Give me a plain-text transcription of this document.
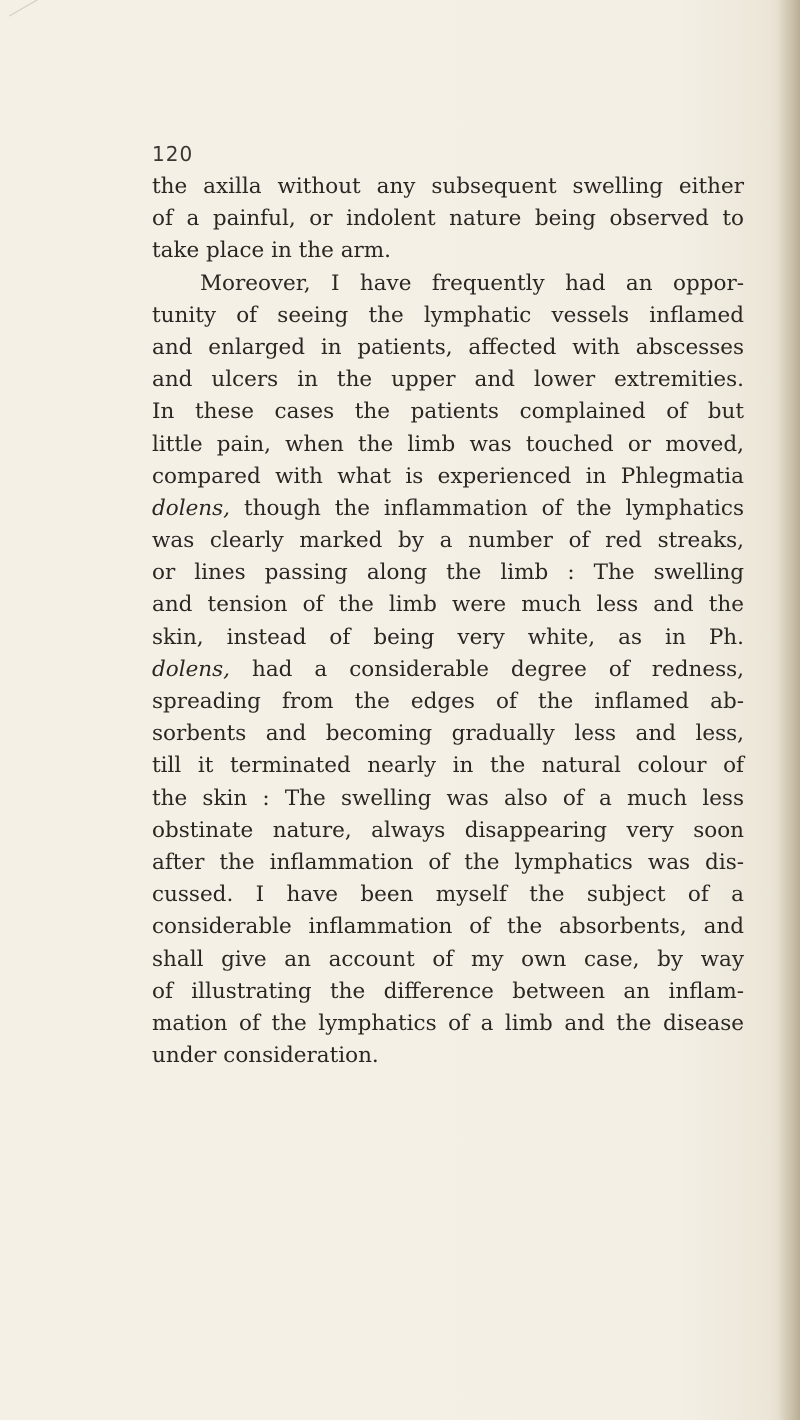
120
the axilla without any subsequent swelling either
of a painful, or indolent nature being observed to
take place in the arm.
Moreover, I have frequently had an oppor-
tunity of seeing the lymphatic vessels inflamed
and enlarged in patients, affected with abscesses
and ulcers in the upper and lower extremities.
In these cases the patients complained of but
little pain, when the limb was touched or moved,
compared with what is experienced in Phlegmatia
dolens, though the inflammation of the lymphatics
was clearly marked by a number of red streaks,
or lines passing along the limb : The swelling
and tension of the limb were much less and the
skin, instead of being very white, as in Ph.
dolens, had a considerable degree of redness,
spreading from the edges of the inflamed ab-
sorbents and becoming gradually less and less,
till it terminated nearly in the natural colour of
the skin : The swelling was also of a much less
obstinate nature, always disappearing very soon
after the inflammation of the lymphatics was dis-
cussed. I have been myself the subject of a
considerable inflammation of the absorbents, and
shall give an account of my own case, by way
of illustrating the difference between an inflam-
mation of the lymphatics of a limb and the disease
under consideration.
